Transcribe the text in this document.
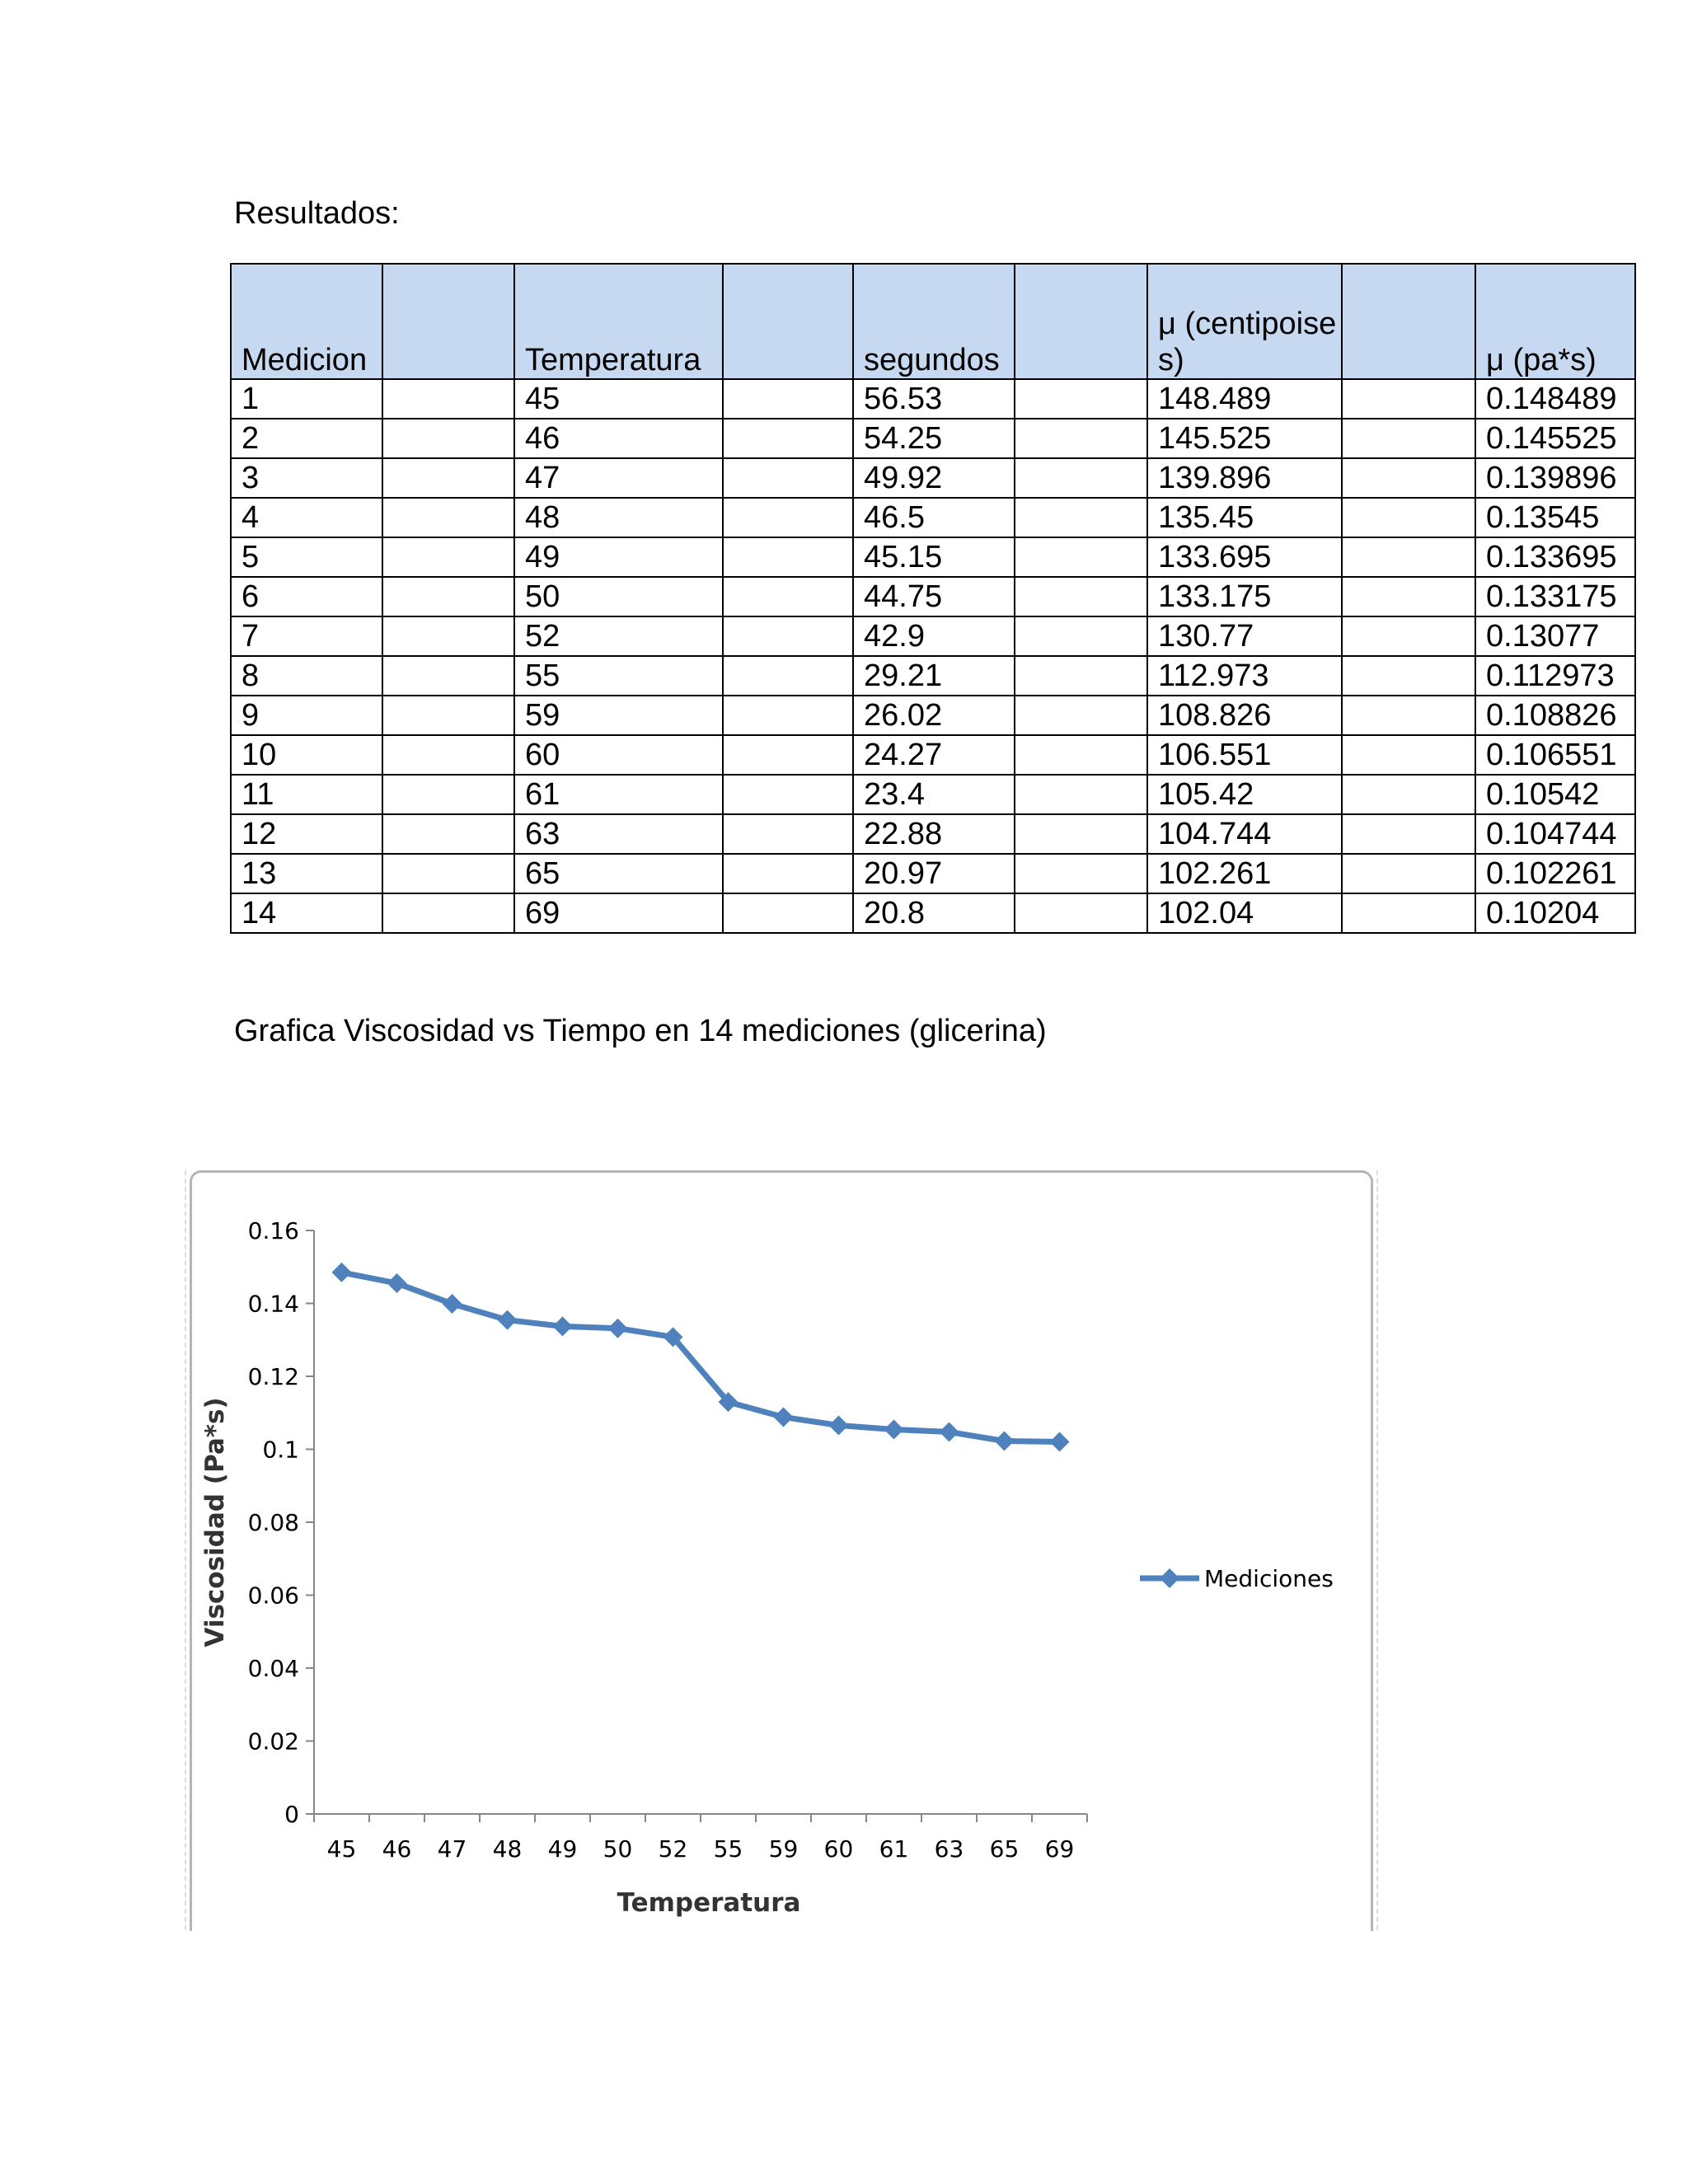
Resultados:
Medicion		Temperatura		segundos		μ (centipoises)		μ (pa*s)
1		45		56.53		148.489		0.148489
2		46		54.25		145.525		0.145525
3		47		49.92		139.896		0.139896
4		48		46.5		135.45		0.13545
5		49		45.15		133.695		0.133695
6		50		44.75		133.175		0.133175
7		52		42.9		130.77		0.13077
8		55		29.21		112.973		0.112973
9		59		26.02		108.826		0.108826
10		60		24.27		106.551		0.106551
11		61		23.4		105.42		0.10542
12		63		22.88		104.744		0.104744
13		65		20.97		102.261		0.102261
14		69		20.8		102.04		0.10204
Grafica Viscosidad vs Tiempo en 14 mediciones (glicerina)
0
0.02
0.04
0.06
0.08
0.1
0.12
0.14
0.16
45 46 47 48 49 50 52 55 59 60 61 63 65 69
Temperatura
Viscosidad (Pa*s)	Mediciones
